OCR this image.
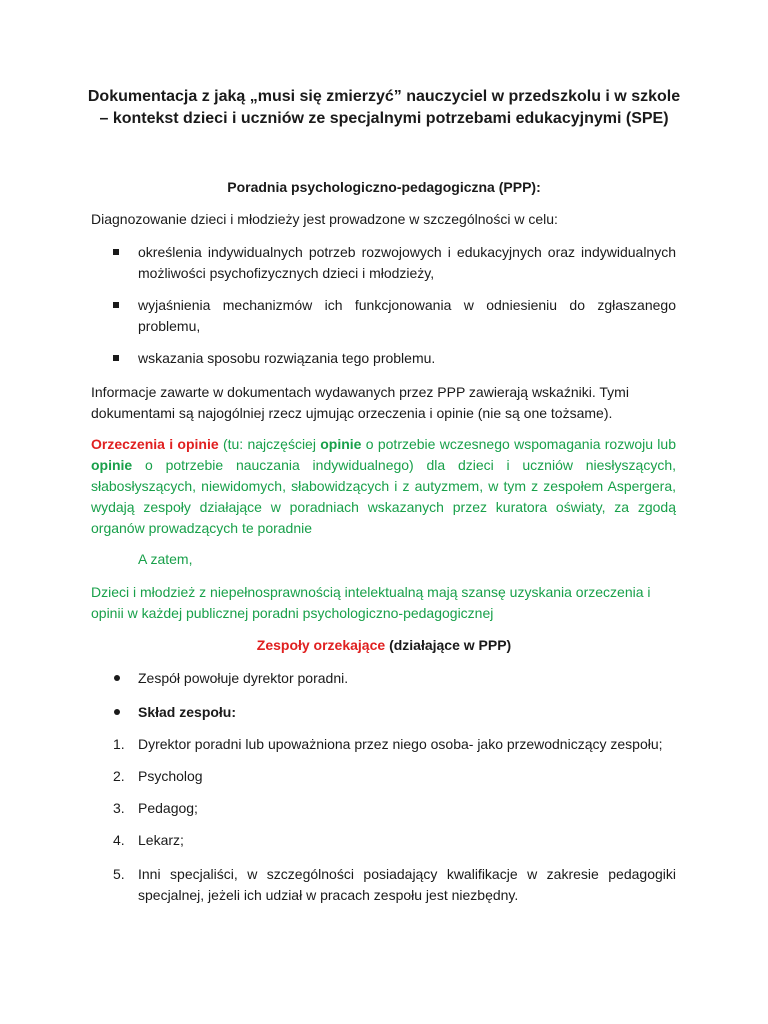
Dokumentacja z jaką „musi się zmierzyć” nauczyciel w przedszkolu i w szkole
– kontekst dzieci i uczniów ze specjalnymi potrzebami edukacyjnymi (SPE)
Poradnia psychologiczno-pedagogiczna (PPP):

Diagnozowanie dzieci i młodzieży jest prowadzone w szczególności w celu:

określenia indywidualnych potrzeb rozwojowych i edukacyjnych oraz indywidualnych możliwości psychofizycznych dzieci i młodzieży,

wyjaśnienia mechanizmów ich funkcjonowania w odniesieniu do zgłaszanego problemu,

wskazania sposobu rozwiązania tego problemu.

Informacje zawarte w dokumentach wydawanych przez PPP zawierają wskaźniki. Tymi dokumentami są najogólniej rzecz ujmując orzeczenia i opinie (nie są one tożsame).

Orzeczenia i opinie (tu: najczęściej opinie o potrzebie wczesnego wspomagania rozwoju lub opinie o potrzebie nauczania indywidualnego) dla dzieci i uczniów niesłyszących, słabosłyszących, niewidomych, słabowidzących i z autyzmem, w tym z zespołem Aspergera, wydają zespoły działające w poradniach wskazanych przez kuratora oświaty, za zgodą organów prowadzących te poradnie

A zatem,

Dzieci i młodzież z niepełnosprawnością intelektualną mają szansę uzyskania orzeczenia i opinii w każdej publicznej poradni psychologiczno-pedagogicznej

Zespoły orzekające (działające w PPP)

Zespół powołuje dyrektor poradni.

Skład zespołu:

1. Dyrektor poradni lub upoważniona przez niego osoba- jako przewodniczący zespołu;

2. Psycholog

3. Pedagog;

4. Lekarz;

5. Inni specjaliści, w szczególności posiadający kwalifikacje w zakresie pedagogiki specjalnej, jeżeli ich udział w pracach zespołu jest niezbędny.
